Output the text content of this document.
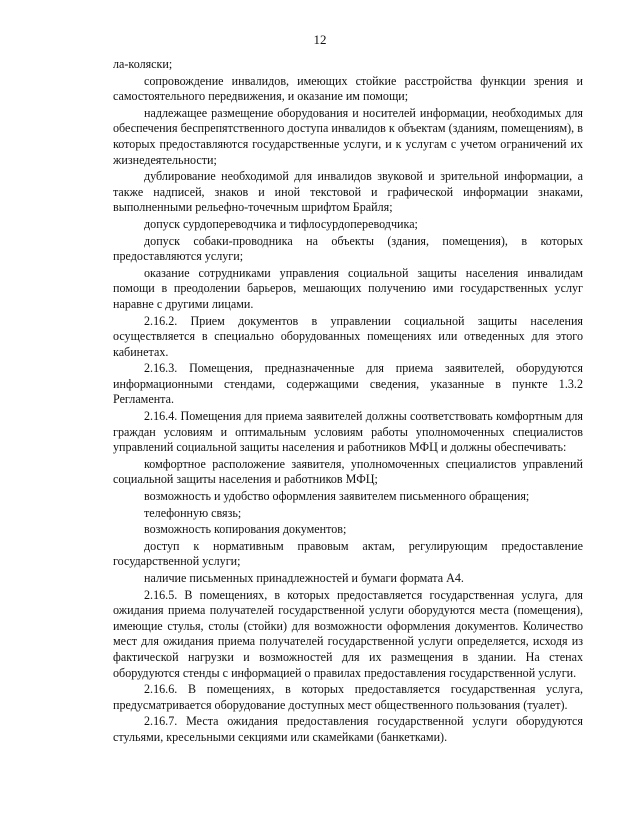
12

ла-коляски;

сопровождение инвалидов, имеющих стойкие расстройства функции зрения и самостоятельного передвижения, и оказание им помощи;

надлежащее размещение оборудования и носителей информации, необходимых для обеспечения беспрепятственного доступа инвалидов к объектам (зданиям, помещениям), в которых предоставляются государственные услуги, и к услугам с учетом ограничений их жизнедеятельности;

дублирование необходимой для инвалидов звуковой и зрительной информации, а также надписей, знаков и иной текстовой и графической информации знаками, выполненными рельефно-точечным шрифтом Брайля;

допуск сурдопереводчика и тифлосурдопереводчика;

допуск собаки-проводника на объекты (здания, помещения), в которых предоставляются услуги;

оказание сотрудниками управления социальной защиты населения инвалидам помощи в преодолении барьеров, мешающих получению ими государственных услуг наравне с другими лицами.

2.16.2. Прием документов в управлении социальной защиты населения осуществляется в специально оборудованных помещениях или отведенных для этого кабинетах.

2.16.3. Помещения, предназначенные для приема заявителей, оборудуются информационными стендами, содержащими сведения, указанные в пункте 1.3.2 Регламента.

2.16.4. Помещения для приема заявителей должны соответствовать комфортным для граждан условиям и оптимальным условиям работы уполномоченных специалистов управлений социальной защиты населения и работников МФЦ и должны обеспечивать:

комфортное расположение заявителя, уполномоченных специалистов управлений социальной защиты населения и работников МФЦ;

возможность и удобство оформления заявителем письменного обращения;

телефонную связь;

возможность копирования документов;

доступ к нормативным правовым актам, регулирующим предоставление государственной услуги;

наличие письменных принадлежностей и бумаги формата А4.

2.16.5. В помещениях, в которых предоставляется государственная услуга, для ожидания приема получателей государственной услуги оборудуются места (помещения), имеющие стулья, столы (стойки) для возможности оформления документов. Количество мест для ожидания приема получателей государственной услуги определяется, исходя из фактической нагрузки и возможностей для их размещения в здании. На стенах оборудуются стенды с информацией о правилах предоставления государственной услуги.

2.16.6. В помещениях, в которых предоставляется государственная услуга, предусматривается оборудование доступных мест общественного пользования (туалет).

2.16.7. Места ожидания предоставления государственной услуги оборудуются стульями, кресельными секциями или скамейками (банкетками).
